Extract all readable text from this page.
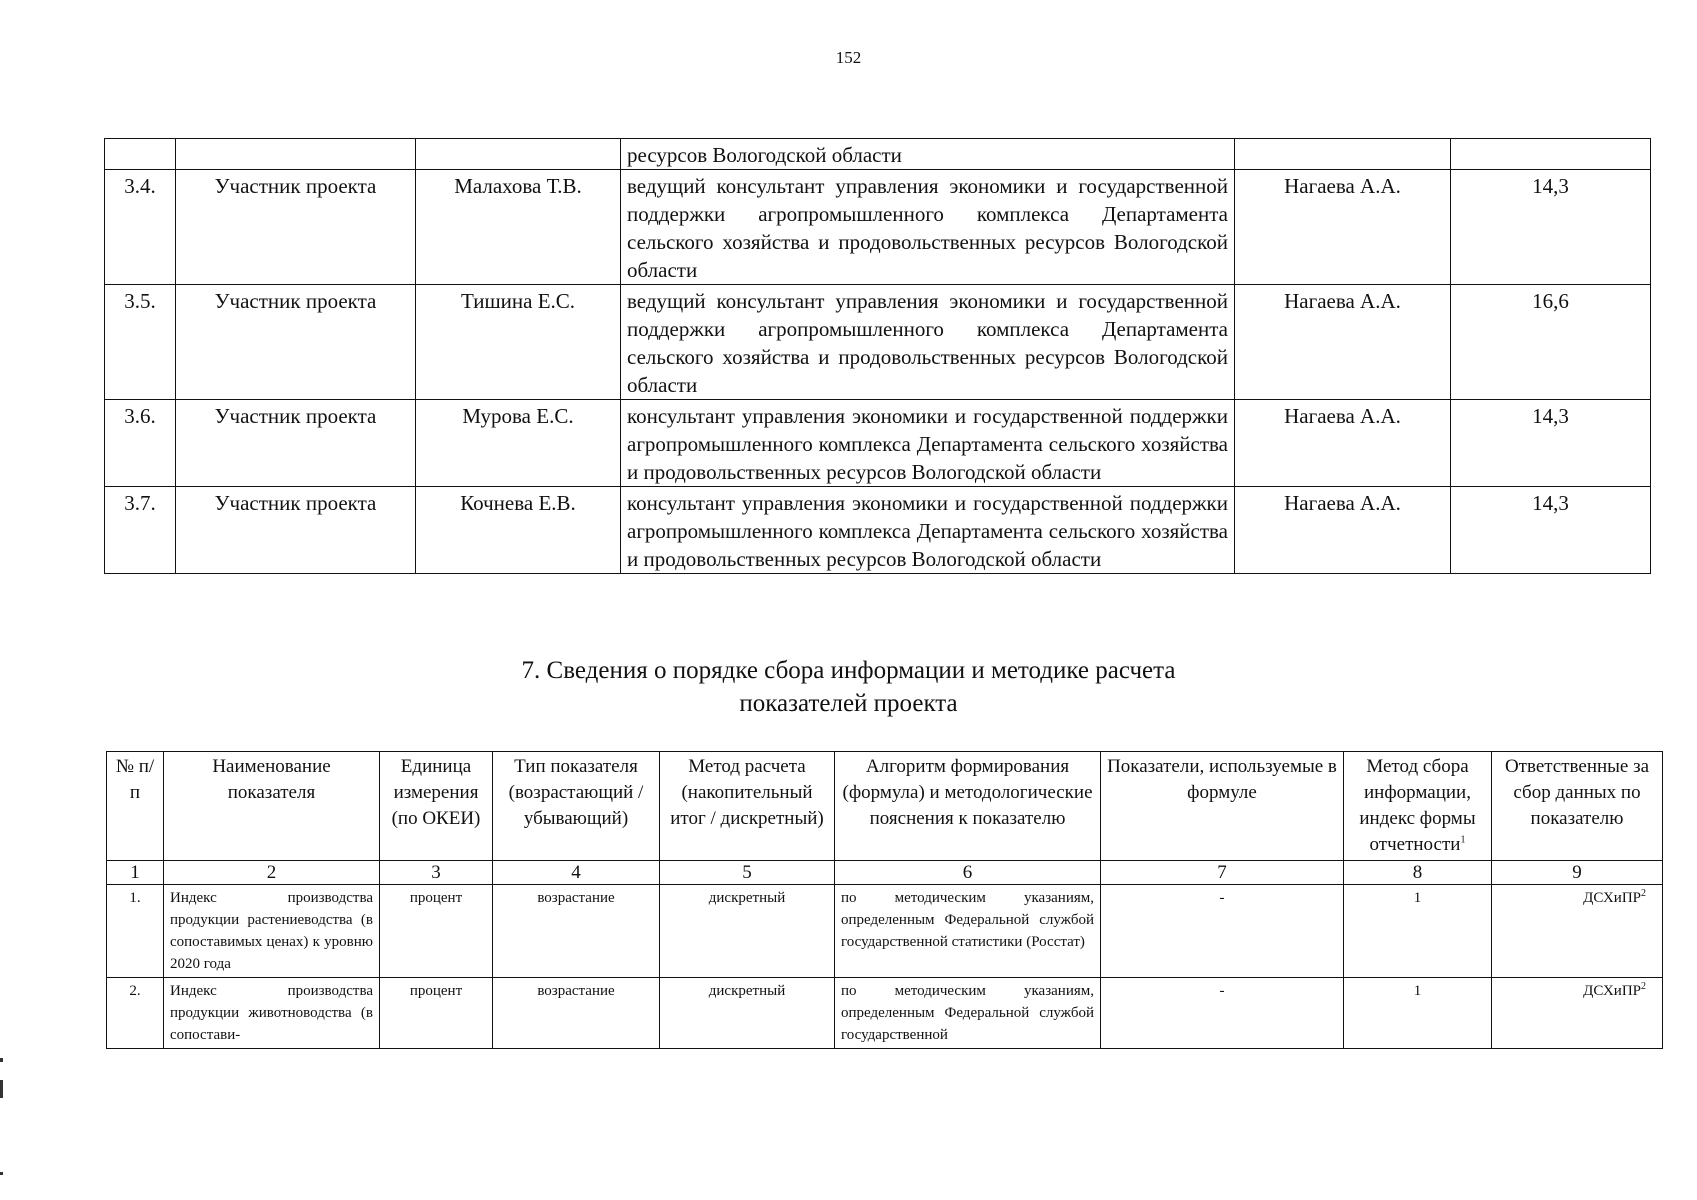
152
			ресурсов Вологодской области		
3.4.	Участник проекта	Малахова Т.В.	ведущий консультант управления экономики и государственной поддержки агропромышленного комплекса Департамента сельского хозяйства и продовольственных ресурсов Вологодской области	Нагаева А.А.	14,3
3.5.	Участник проекта	Тишина Е.С.	ведущий консультант управления экономики и государственной поддержки агропромышленного комплекса Департамента сельского хозяйства и продовольственных ресурсов Вологодской области	Нагаева А.А.	16,6
3.6.	Участник проекта	Мурова Е.С.	консультант управления экономики и государственной поддержки агропромышленного комплекса Департамента сельского хозяйства и продовольственных ресурсов Вологодской области	Нагаева А.А.	14,3
3.7.	Участник проекта	Кочнева Е.В.	консультант управления экономики и государственной поддержки агропромышленного комплекса Департамента сельского хозяйства и продовольственных ресурсов Вологодской области	Нагаева А.А.	14,3
7. Сведения о порядке сбора информации и методике расчета
показателей проекта
№ п/п	Наименование показателя	Единица измерения (по ОКЕИ)	Тип показателя (возрастающий / убывающий)	Метод расчета (накопительный итог / дискретный)	Алгоритм формирования (формула) и методологические пояснения к показателю	Показатели, используемые в формуле	Метод сбора информации, индекс формы отчетности$^1$	Ответственные за сбор данных по показателю
1	2	3	4	5	6	7	8	9
1.	Индекс производства продукции растениеводства (в сопоставимых ценах) к уровню 2020 года	процент	возрастание	дискретный	по методическим указаниям, определенным Федеральной службой государственной статистики (Росстат)	-	1	ДСХиПР$^2$
2.	Индекс производства продукции животноводства (в сопостави-	процент	возрастание	дискретный	по методическим указаниям, определенным Федеральной службой государственной	-	1	ДСХиПР$^2$
